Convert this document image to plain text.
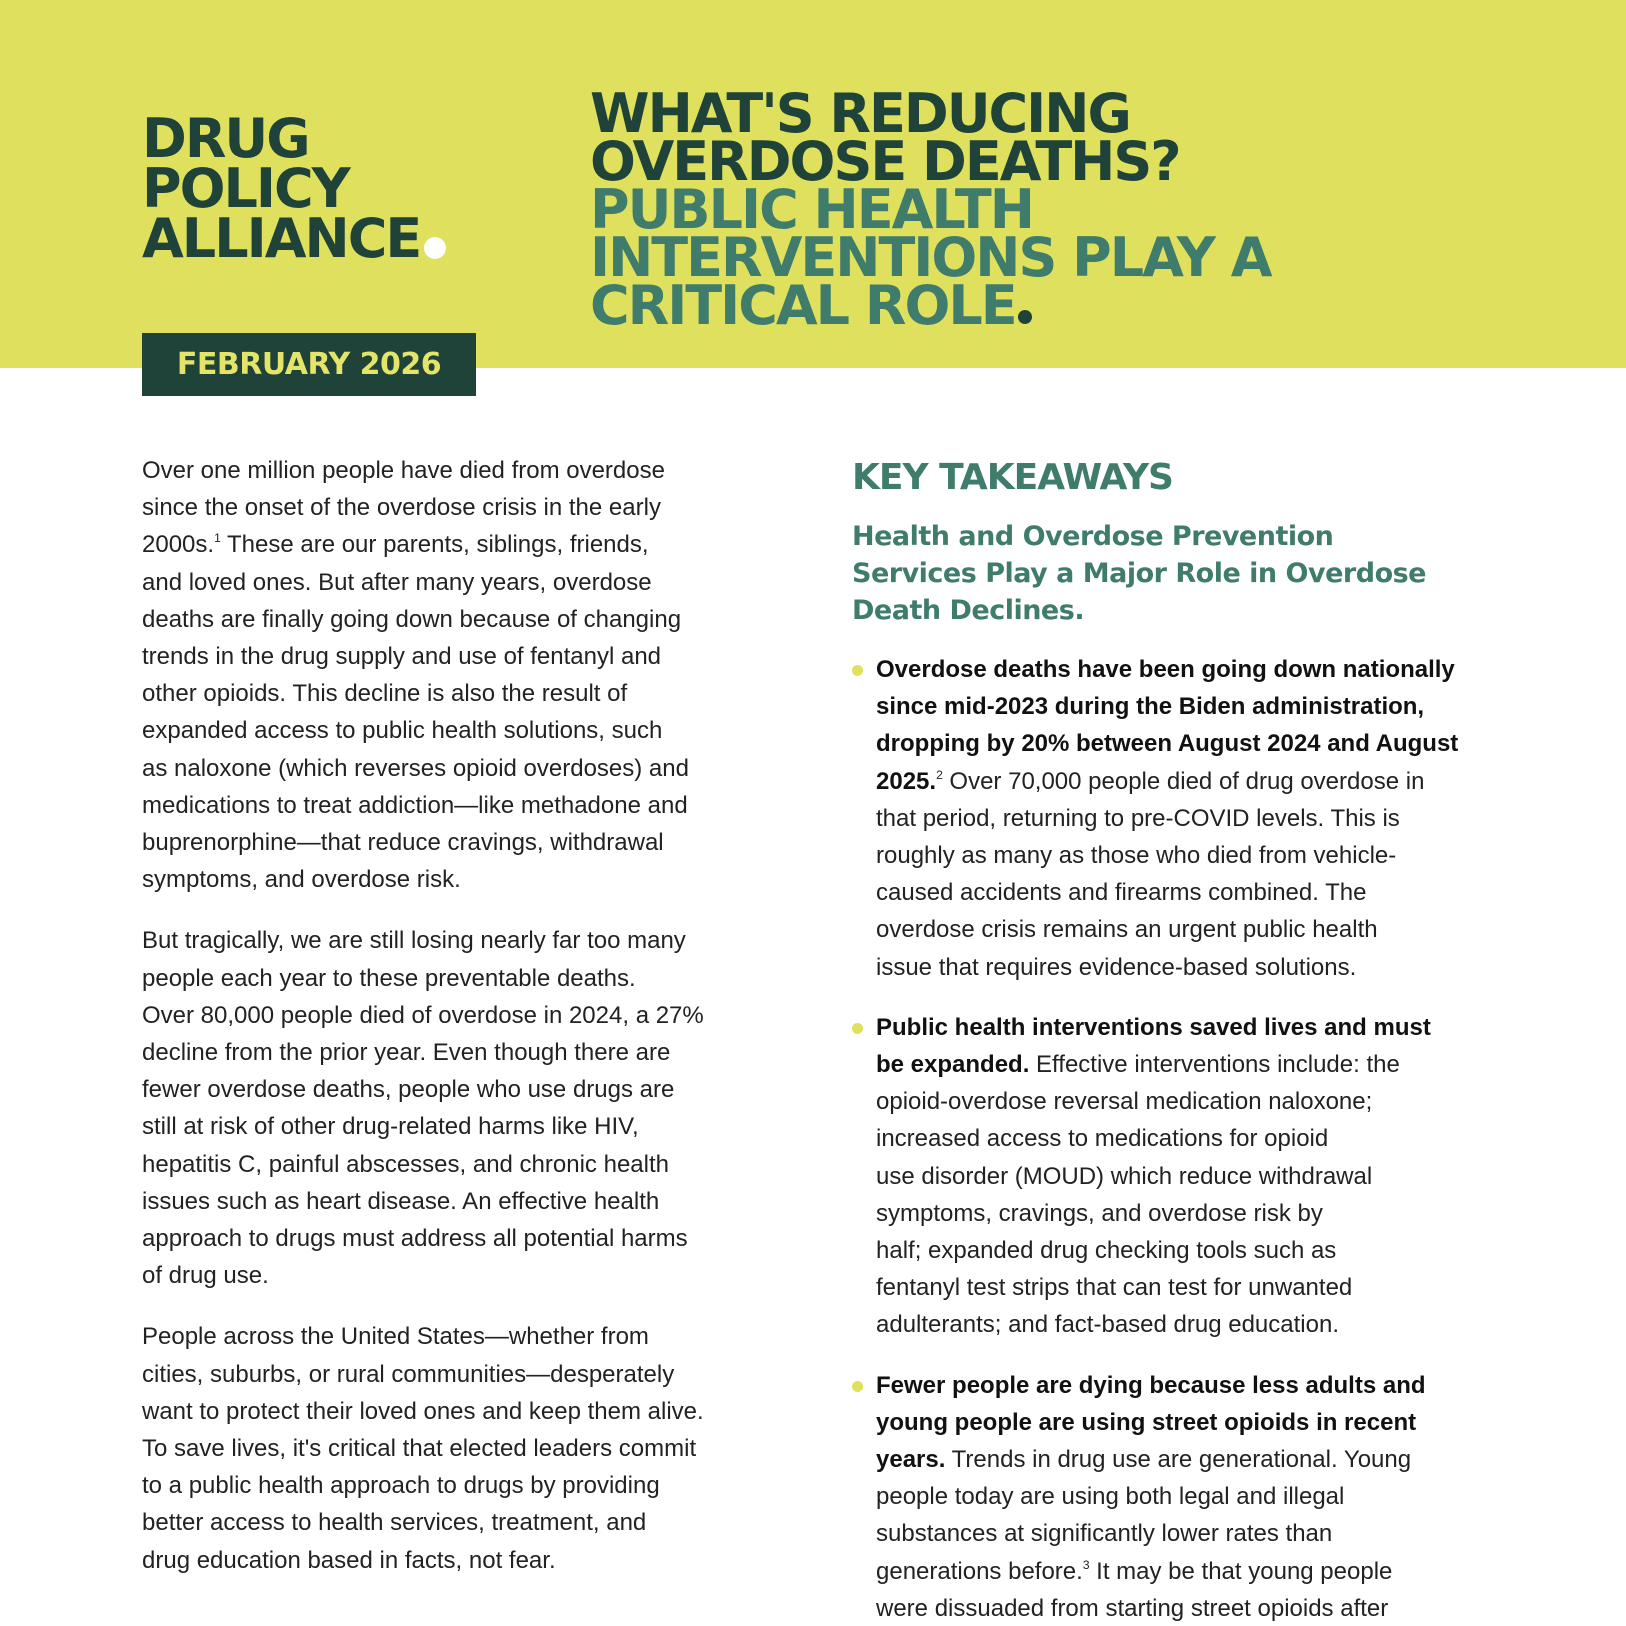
DRUG
POLICY
ALLIANCE
WHAT'S REDUCING
OVERDOSE DEATHS?
PUBLIC HEALTH
INTERVENTIONS PLAY A
CRITICAL ROLE
FEBRUARY 2026

Over one million people have died from overdose
since the onset of the overdose crisis in the early
2000s.$^1$ These are our parents, siblings, friends,
and loved ones. But after many years, overdose
deaths are finally going down because of changing
trends in the drug supply and use of fentanyl and
other opioids. This decline is also the result of
expanded access to public health solutions, such
as naloxone (which reverses opioid overdoses) and
medications to treat addiction—like methadone and
buprenorphine—that reduce cravings, withdrawal
symptoms, and overdose risk.

But tragically, we are still losing nearly far too many
people each year to these preventable deaths.
Over 80,000 people died of overdose in 2024, a 27%
decline from the prior year. Even though there are
fewer overdose deaths, people who use drugs are
still at risk of other drug-related harms like HIV,
hepatitis C, painful abscesses, and chronic health
issues such as heart disease. An effective health
approach to drugs must address all potential harms
of drug use.

People across the United States—whether from
cities, suburbs, or rural communities—desperately
want to protect their loved ones and keep them alive.
To save lives, it's critical that elected leaders commit
to a public health approach to drugs by providing
better access to health services, treatment, and
drug education based in facts, not fear.

KEY TAKEAWAYS
Health and Overdose Prevention
Services Play a Major Role in Overdose
Death Declines.
Overdose deaths have been going down nationally
since mid-2023 during the Biden administration,
dropping by 20% between August 2024 and August
2025.$^2$ Over 70,000 people died of drug overdose in
that period, returning to pre-COVID levels. This is
roughly as many as those who died from vehicle-
caused accidents and firearms combined. The
overdose crisis remains an urgent public health
issue that requires evidence-based solutions.
Public health interventions saved lives and must
be expanded. Effective interventions include: the
opioid-overdose reversal medication naloxone;
increased access to medications for opioid
use disorder (MOUD) which reduce withdrawal
symptoms, cravings, and overdose risk by
half; expanded drug checking tools such as
fentanyl test strips that can test for unwanted
adulterants; and fact-based drug education.
Fewer people are dying because less adults and
young people are using street opioids in recent
years. Trends in drug use are generational. Young
people today are using both legal and illegal
substances at significantly lower rates than
generations before.$^3$ It may be that young people
were dissuaded from starting street opioids after
